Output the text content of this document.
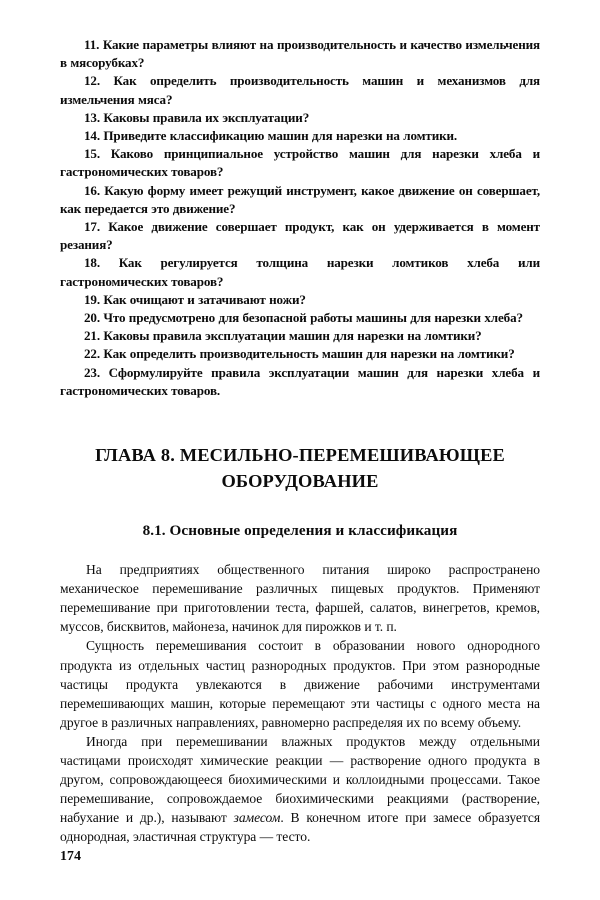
11. Какие параметры влияют на производительность и качество измельчения в мясорубках?

12. Как определить производительность машин и механизмов для измельчения мяса?

13. Каковы правила их эксплуатации?

14. Приведите классификацию машин для нарезки на ломтики.

15. Каково принципиальное устройство машин для нарезки хлеба и гастрономических товаров?

16. Какую форму имеет режущий инструмент, какое движение он совершает, как передается это движение?

17. Какое движение совершает продукт, как он удерживается в момент резания?

18. Как регулируется толщина нарезки ломтиков хлеба или гастрономических товаров?

19. Как очищают и затачивают ножи?

20. Что предусмотрено для безопасной работы машины для нарезки хлеба?

21. Каковы правила эксплуатации машин для нарезки на ломтики?

22. Как определить производительность машин для нарезки на ломтики?

23. Сформулируйте правила эксплуатации машин для нарезки хлеба и гастрономических товаров.

ГЛАВА 8. МЕСИЛЬНО-ПЕРЕМЕШИВАЮЩЕЕ
ОБОРУДОВАНИЕ
8.1. Основные определения и классификация

На предприятиях общественного питания широко распространено механическое перемешивание различных пищевых продуктов. Применяют перемешивание при приготовлении теста, фаршей, салатов, винегретов, кремов, муссов, бисквитов, майонеза, начинок для пирожков и т. п.

Сущность перемешивания состоит в образовании нового однородного продукта из отдельных частиц разнородных продуктов. При этом разнородные частицы продукта увлекаются в движение рабочими инструментами перемешивающих машин, которые перемещают эти частицы с одного места на другое в различных направлениях, равномерно распределяя их по всему объему.

Иногда при перемешивании влажных продуктов между отдельными частицами происходят химические реакции — растворение одного продукта в другом, сопровождающееся биохимическими и коллоидными процессами. Такое перемешивание, сопровождаемое биохимическими реакциями (растворение, набухание и др.), называют замесом. В конечном итоге при замесе образуется однородная, эластичная структура — тесто.

174
